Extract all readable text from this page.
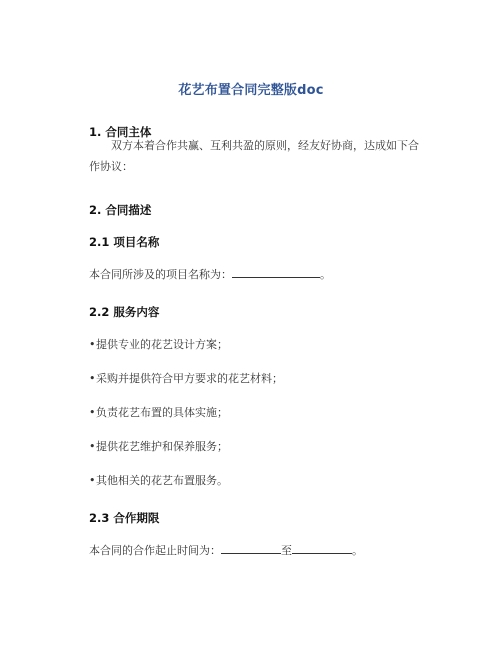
花艺布置合同完整版doc
1. 合同主体

双方本着合作共赢、互利共盈的原则，经友好协商，达成如下合作协议：

2. 合同描述
2.1 项目名称
本合同所涉及的项目名称为：	。
2.2 服务内容
•提供专业的花艺设计方案；
•采购并提供符合甲方要求的花艺材料；
•负责花艺布置的具体实施；
•提供花艺维护和保养服务；
•其他相关的花艺布置服务。
2.3 合作期限
本合同的合作起止时间为：	至	。
